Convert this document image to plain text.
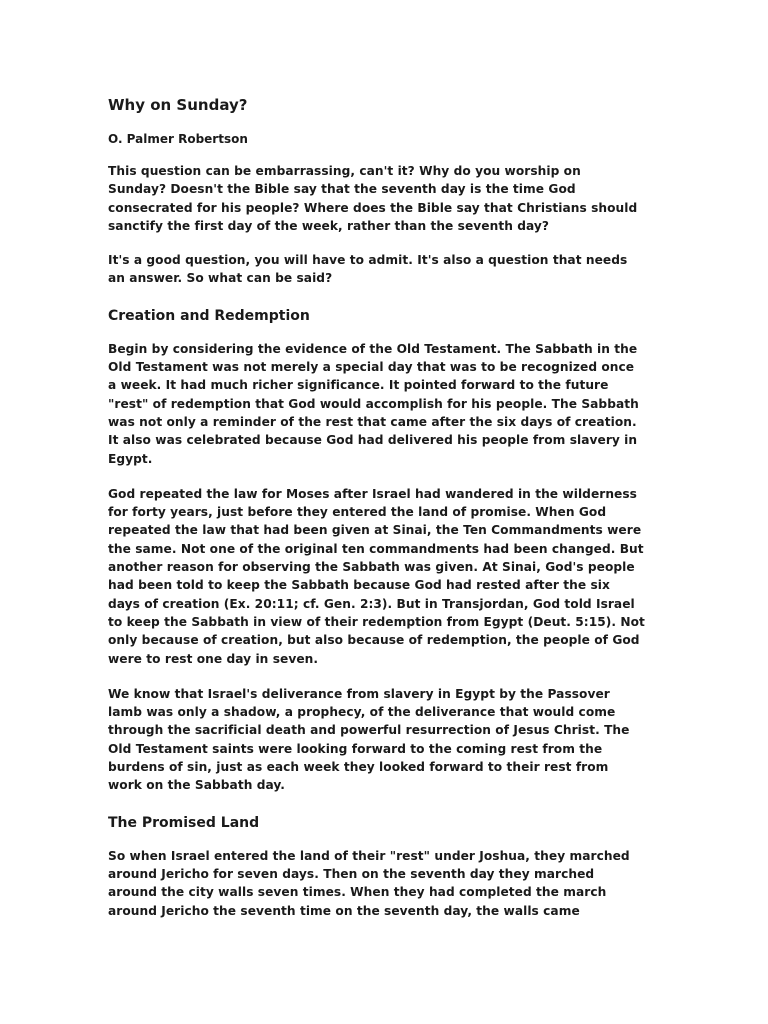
Why on Sunday?
O. Palmer Robertson
This question can be embarrassing, can't it? Why do you worship on
Sunday? Doesn't the Bible say that the seventh day is the time God
consecrated for his people? Where does the Bible say that Christians should
sanctify the first day of the week, rather than the seventh day?
It's a good question, you will have to admit. It's also a question that needs
an answer. So what can be said?
Creation and Redemption
Begin by considering the evidence of the Old Testament. The Sabbath in the
Old Testament was not merely a special day that was to be recognized once
a week. It had much richer significance. It pointed forward to the future
"rest" of redemption that God would accomplish for his people. The Sabbath
was not only a reminder of the rest that came after the six days of creation.
It also was celebrated because God had delivered his people from slavery in
Egypt.
God repeated the law for Moses after Israel had wandered in the wilderness
for forty years, just before they entered the land of promise. When God
repeated the law that had been given at Sinai, the Ten Commandments were
the same. Not one of the original ten commandments had been changed. But
another reason for observing the Sabbath was given. At Sinai, God's people
had been told to keep the Sabbath because God had rested after the six
days of creation (Ex. 20:11; cf. Gen. 2:3). But in Transjordan, God told Israel
to keep the Sabbath in view of their redemption from Egypt (Deut. 5:15). Not
only because of creation, but also because of redemption, the people of God
were to rest one day in seven.
We know that Israel's deliverance from slavery in Egypt by the Passover
lamb was only a shadow, a prophecy, of the deliverance that would come
through the sacrificial death and powerful resurrection of Jesus Christ. The
Old Testament saints were looking forward to the coming rest from the
burdens of sin, just as each week they looked forward to their rest from
work on the Sabbath day.
The Promised Land
So when Israel entered the land of their "rest" under Joshua, they marched
around Jericho for seven days. Then on the seventh day they marched
around the city walls seven times. When they had completed the march
around Jericho the seventh time on the seventh day, the walls came
